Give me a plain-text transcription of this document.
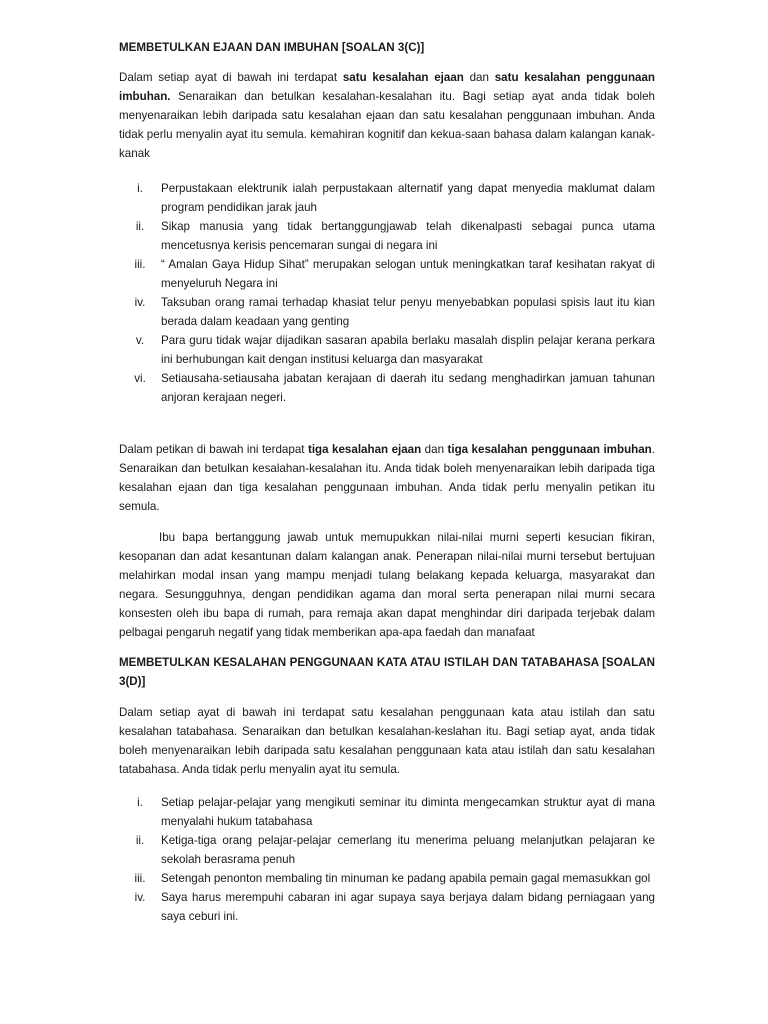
MEMBETULKAN EJAAN DAN IMBUHAN [SOALAN 3(C)]

Dalam setiap ayat di bawah ini terdapat satu kesalahan ejaan dan satu kesalahan penggunaan imbuhan. Senaraikan dan betulkan kesalahan-kesalahan itu. Bagi setiap ayat anda tidak boleh menyenaraikan lebih daripada satu kesalahan ejaan dan satu kesalahan penggunaan imbuhan. Anda tidak perlu menyalin ayat itu semula. kemahiran kognitif dan kekua-saan bahasa dalam kalangan kanak-kanak

i.	Perpustakaan elektrunik ialah perpustakaan alternatif yang dapat menyedia maklumat dalam program pendidikan jarak jauh
ii.	Sikap manusia yang tidak bertanggungjawab telah dikenalpasti sebagai punca utama mencetusnya kerisis pencemaran sungai di negara ini
iii.	“ Amalan Gaya Hidup Sihat” merupakan selogan untuk meningkatkan taraf kesihatan rakyat di menyeluruh Negara ini
iv.	Taksuban orang ramai terhadap khasiat telur penyu menyebabkan populasi spisis laut itu kian berada dalam keadaan yang genting
v.	Para guru tidak wajar dijadikan sasaran apabila berlaku masalah displin pelajar kerana perkara ini berhubungan kait dengan institusi keluarga dan masyarakat
vi.	Setiausaha-setiausaha jabatan kerajaan di daerah itu sedang menghadirkan jamuan tahunan anjoran kerajaan negeri.

Dalam petikan di bawah ini terdapat tiga kesalahan ejaan dan tiga kesalahan penggunaan imbuhan. Senaraikan dan betulkan kesalahan-kesalahan itu. Anda tidak boleh menyenaraikan lebih daripada tiga kesalahan ejaan dan tiga kesalahan penggunaan imbuhan. Anda tidak perlu menyalin petikan itu semula.

Ibu bapa bertanggung jawab untuk memupukkan nilai-nilai murni seperti kesucian fikiran, kesopanan dan adat kesantunan dalam kalangan anak. Penerapan nilai-nilai murni tersebut bertujuan melahirkan modal insan yang mampu menjadi tulang belakang kepada keluarga, masyarakat dan negara. Sesungguhnya, dengan pendidikan agama dan moral serta penerapan nilai murni secara konsesten oleh ibu bapa di rumah, para remaja akan dapat menghindar diri daripada terjebak dalam pelbagai pengaruh negatif yang tidak memberikan apa-apa faedah dan manafaat

MEMBETULKAN KESALAHAN PENGGUNAAN KATA ATAU ISTILAH DAN TATABAHASA [SOALAN 3(D)]

Dalam setiap ayat di bawah ini terdapat satu kesalahan penggunaan kata atau istilah dan satu kesalahan tatabahasa. Senaraikan dan betulkan kesalahan-keslahan itu. Bagi setiap ayat, anda tidak boleh menyenaraikan lebih daripada satu kesalahan penggunaan kata atau istilah dan satu kesalahan tatabahasa. Anda tidak perlu menyalin ayat itu semula.

i.	Setiap pelajar-pelajar yang mengikuti seminar itu diminta mengecamkan struktur ayat di mana menyalahi hukum tatabahasa
ii.	Ketiga-tiga orang pelajar-pelajar cemerlang itu menerima peluang melanjutkan pelajaran ke sekolah berasrama penuh
iii.	Setengah penonton membaling tin minuman ke padang apabila pemain gagal memasukkan gol
iv.	Saya harus merempuhi cabaran ini agar supaya saya berjaya dalam bidang perniagaan yang saya ceburi ini.
